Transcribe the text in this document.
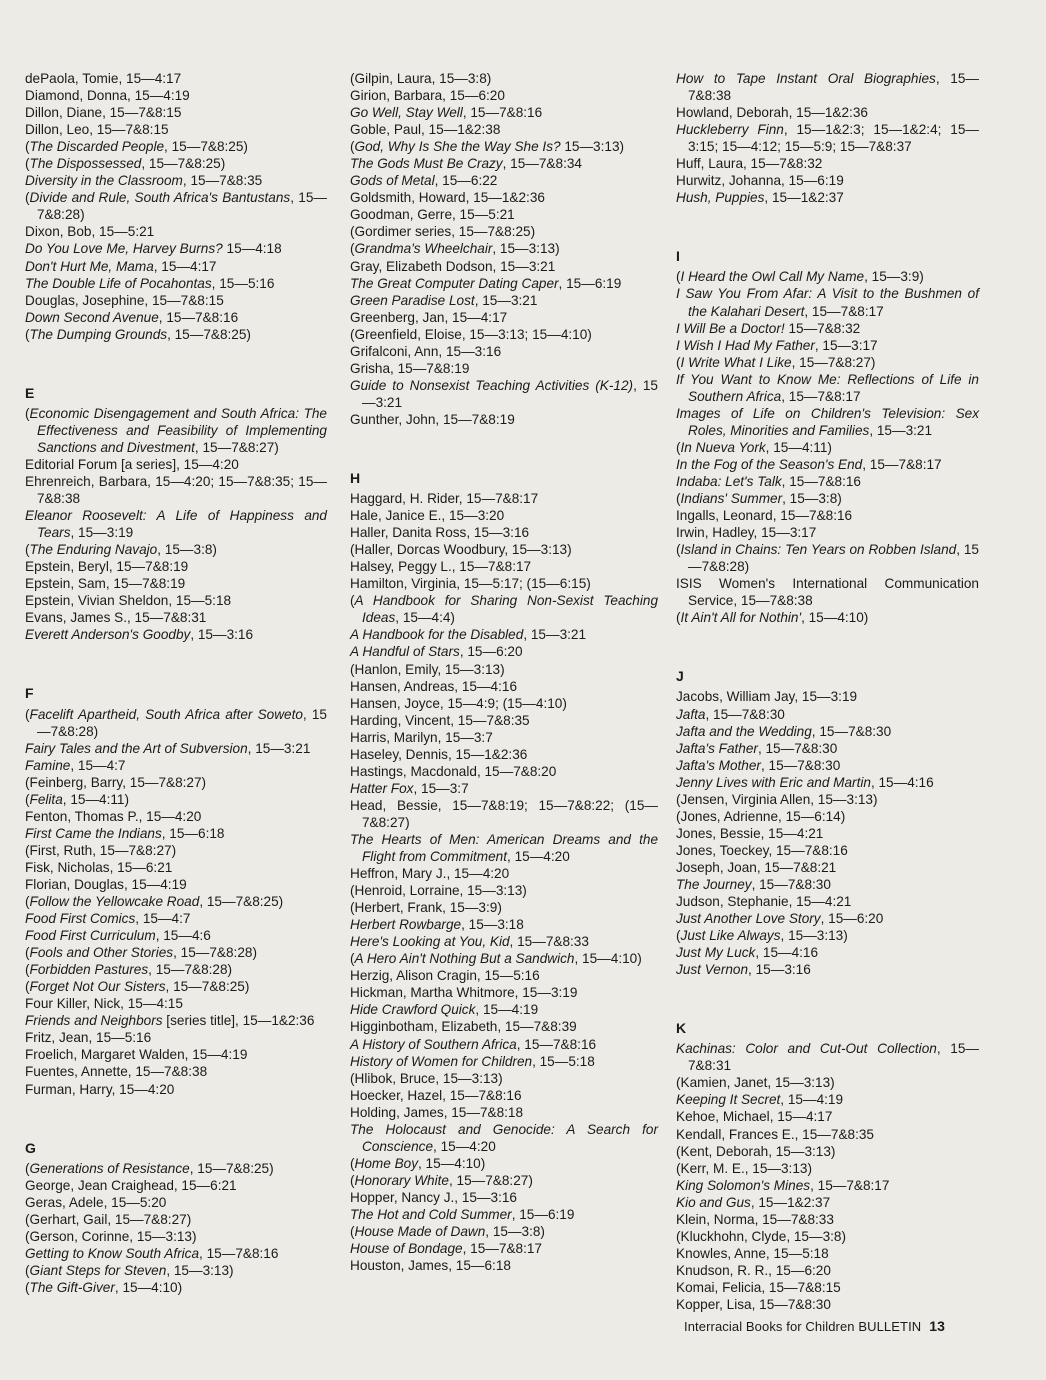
dePaola, Tomie, 15—4:17
Diamond, Donna, 15—4:19
Dillon, Diane, 15—7&8:15
Dillon, Leo, 15—7&8:15
(The Discarded People, 15—7&8:25)
(The Dispossessed, 15—7&8:25)
Diversity in the Classroom, 15—7&8:35
(Divide and Rule, South Africa's Bantustans, 15—7&8:28)
Dixon, Bob, 15—5:21
Do You Love Me, Harvey Burns? 15—4:18
Don't Hurt Me, Mama, 15—4:17
The Double Life of Pocahontas, 15—5:16
Douglas, Josephine, 15—7&8:15
Down Second Avenue, 15—7&8:16
(The Dumping Grounds, 15—7&8:25)
E
(Economic Disengagement and South Africa: The Effectiveness and Feasibility of Implementing Sanctions and Divestment, 15—7&8:27)
Editorial Forum [a series], 15—4:20
Ehrenreich, Barbara, 15—4:20; 15—7&8:35; 15—7&8:38
Eleanor Roosevelt: A Life of Happiness and Tears, 15—3:19
(The Enduring Navajo, 15—3:8)
Epstein, Beryl, 15—7&8:19
Epstein, Sam, 15—7&8:19
Epstein, Vivian Sheldon, 15—5:18
Evans, James S., 15—7&8:31
Everett Anderson's Goodby, 15—3:16
F
(Facelift Apartheid, South Africa after Soweto, 15—7&8:28)
Fairy Tales and the Art of Subversion, 15—3:21
Famine, 15—4:7
(Feinberg, Barry, 15—7&8:27)
(Felita, 15—4:11)
Fenton, Thomas P., 15—4:20
First Came the Indians, 15—6:18
(First, Ruth, 15—7&8:27)
Fisk, Nicholas, 15—6:21
Florian, Douglas, 15—4:19
(Follow the Yellowcake Road, 15—7&8:25)
Food First Comics, 15—4:7
Food First Curriculum, 15—4:6
(Fools and Other Stories, 15—7&8:28)
(Forbidden Pastures, 15—7&8:28)
(Forget Not Our Sisters, 15—7&8:25)
Four Killer, Nick, 15—4:15
Friends and Neighbors [series title], 15—1&2:36
Fritz, Jean, 15—5:16
Froelich, Margaret Walden, 15—4:19
Fuentes, Annette, 15—7&8:38
Furman, Harry, 15—4:20
G
(Generations of Resistance, 15—7&8:25)
George, Jean Craighead, 15—6:21
Geras, Adele, 15—5:20
(Gerhart, Gail, 15—7&8:27)
(Gerson, Corinne, 15—3:13)
Getting to Know South Africa, 15—7&8:16
(Giant Steps for Steven, 15—3:13)
(The Gift-Giver, 15—4:10)
(Gilpin, Laura, 15—3:8)
Girion, Barbara, 15—6:20
Go Well, Stay Well, 15—7&8:16
Goble, Paul, 15—1&2:38
(God, Why Is She the Way She Is? 15—3:13)
The Gods Must Be Crazy, 15—7&8:34
Gods of Metal, 15—6:22
Goldsmith, Howard, 15—1&2:36
Goodman, Gerre, 15—5:21
(Gordimer series, 15—7&8:25)
(Grandma's Wheelchair, 15—3:13)
Gray, Elizabeth Dodson, 15—3:21
The Great Computer Dating Caper, 15—6:19
Green Paradise Lost, 15—3:21
Greenberg, Jan, 15—4:17
(Greenfield, Eloise, 15—3:13; 15—4:10)
Grifalconi, Ann, 15—3:16
Grisha, 15—7&8:19
Guide to Nonsexist Teaching Activities (K-12), 15—3:21
Gunther, John, 15—7&8:19
H
Haggard, H. Rider, 15—7&8:17
Hale, Janice E., 15—3:20
Haller, Danita Ross, 15—3:16
(Haller, Dorcas Woodbury, 15—3:13)
Halsey, Peggy L., 15—7&8:17
Hamilton, Virginia, 15—5:17; (15—6:15)
(A Handbook for Sharing Non-Sexist Teaching Ideas, 15—4:4)
A Handbook for the Disabled, 15—3:21
A Handful of Stars, 15—6:20
(Hanlon, Emily, 15—3:13)
Hansen, Andreas, 15—4:16
Hansen, Joyce, 15—4:9; (15—4:10)
Harding, Vincent, 15—7&8:35
Harris, Marilyn, 15—3:7
Haseley, Dennis, 15—1&2:36
Hastings, Macdonald, 15—7&8:20
Hatter Fox, 15—3:7
Head, Bessie, 15—7&8:19; 15—7&8:22; (15—7&8:27)
The Hearts of Men: American Dreams and the Flight from Commitment, 15—4:20
Heffron, Mary J., 15—4:20
(Henroid, Lorraine, 15—3:13)
(Herbert, Frank, 15—3:9)
Herbert Rowbarge, 15—3:18
Here's Looking at You, Kid, 15—7&8:33
(A Hero Ain't Nothing But a Sandwich, 15—4:10)
Herzig, Alison Cragin, 15—5:16
Hickman, Martha Whitmore, 15—3:19
Hide Crawford Quick, 15—4:19
Higginbotham, Elizabeth, 15—7&8:39
A History of Southern Africa, 15—7&8:16
History of Women for Children, 15—5:18
(Hlibok, Bruce, 15—3:13)
Hoecker, Hazel, 15—7&8:16
Holding, James, 15—7&8:18
The Holocaust and Genocide: A Search for Conscience, 15—4:20
(Home Boy, 15—4:10)
(Honorary White, 15—7&8:27)
Hopper, Nancy J., 15—3:16
The Hot and Cold Summer, 15—6:19
(House Made of Dawn, 15—3:8)
House of Bondage, 15—7&8:17
Houston, James, 15—6:18
How to Tape Instant Oral Biographies, 15—7&8:38
Howland, Deborah, 15—1&2:36
Huckleberry Finn, 15—1&2:3; 15—1&2:4; 15—3:15; 15—4:12; 15—5:9; 15—7&8:37
Huff, Laura, 15—7&8:32
Hurwitz, Johanna, 15—6:19
Hush, Puppies, 15—1&2:37
I
(I Heard the Owl Call My Name, 15—3:9)
I Saw You From Afar: A Visit to the Bushmen of the Kalahari Desert, 15—7&8:17
I Will Be a Doctor! 15—7&8:32
I Wish I Had My Father, 15—3:17
(I Write What I Like, 15—7&8:27)
If You Want to Know Me: Reflections of Life in Southern Africa, 15—7&8:17
Images of Life on Children's Television: Sex Roles, Minorities and Families, 15—3:21
(In Nueva York, 15—4:11)
In the Fog of the Season's End, 15—7&8:17
Indaba: Let's Talk, 15—7&8:16
(Indians' Summer, 15—3:8)
Ingalls, Leonard, 15—7&8:16
Irwin, Hadley, 15—3:17
(Island in Chains: Ten Years on Robben Island, 15—7&8:28)
ISIS Women's International Communication Service, 15—7&8:38
(It Ain't All for Nothin', 15—4:10)
J
Jacobs, William Jay, 15—3:19
Jafta, 15—7&8:30
Jafta and the Wedding, 15—7&8:30
Jafta's Father, 15—7&8:30
Jafta's Mother, 15—7&8:30
Jenny Lives with Eric and Martin, 15—4:16
(Jensen, Virginia Allen, 15—3:13)
(Jones, Adrienne, 15—6:14)
Jones, Bessie, 15—4:21
Jones, Toeckey, 15—7&8:16
Joseph, Joan, 15—7&8:21
The Journey, 15—7&8:30
Judson, Stephanie, 15—4:21
Just Another Love Story, 15—6:20
(Just Like Always, 15—3:13)
Just My Luck, 15—4:16
Just Vernon, 15—3:16
K
Kachinas: Color and Cut-Out Collection, 15—7&8:31
(Kamien, Janet, 15—3:13)
Keeping It Secret, 15—4:19
Kehoe, Michael, 15—4:17
Kendall, Frances E., 15—7&8:35
(Kent, Deborah, 15—3:13)
(Kerr, M. E., 15—3:13)
King Solomon's Mines, 15—7&8:17
Kio and Gus, 15—1&2:37
Klein, Norma, 15—7&8:33
(Kluckhohn, Clyde, 15—3:8)
Knowles, Anne, 15—5:18
Knudson, R. R., 15—6:20
Komai, Felicia, 15—7&8:15
Kopper, Lisa, 15—7&8:30
Interracial Books for Children BULLETIN 13
